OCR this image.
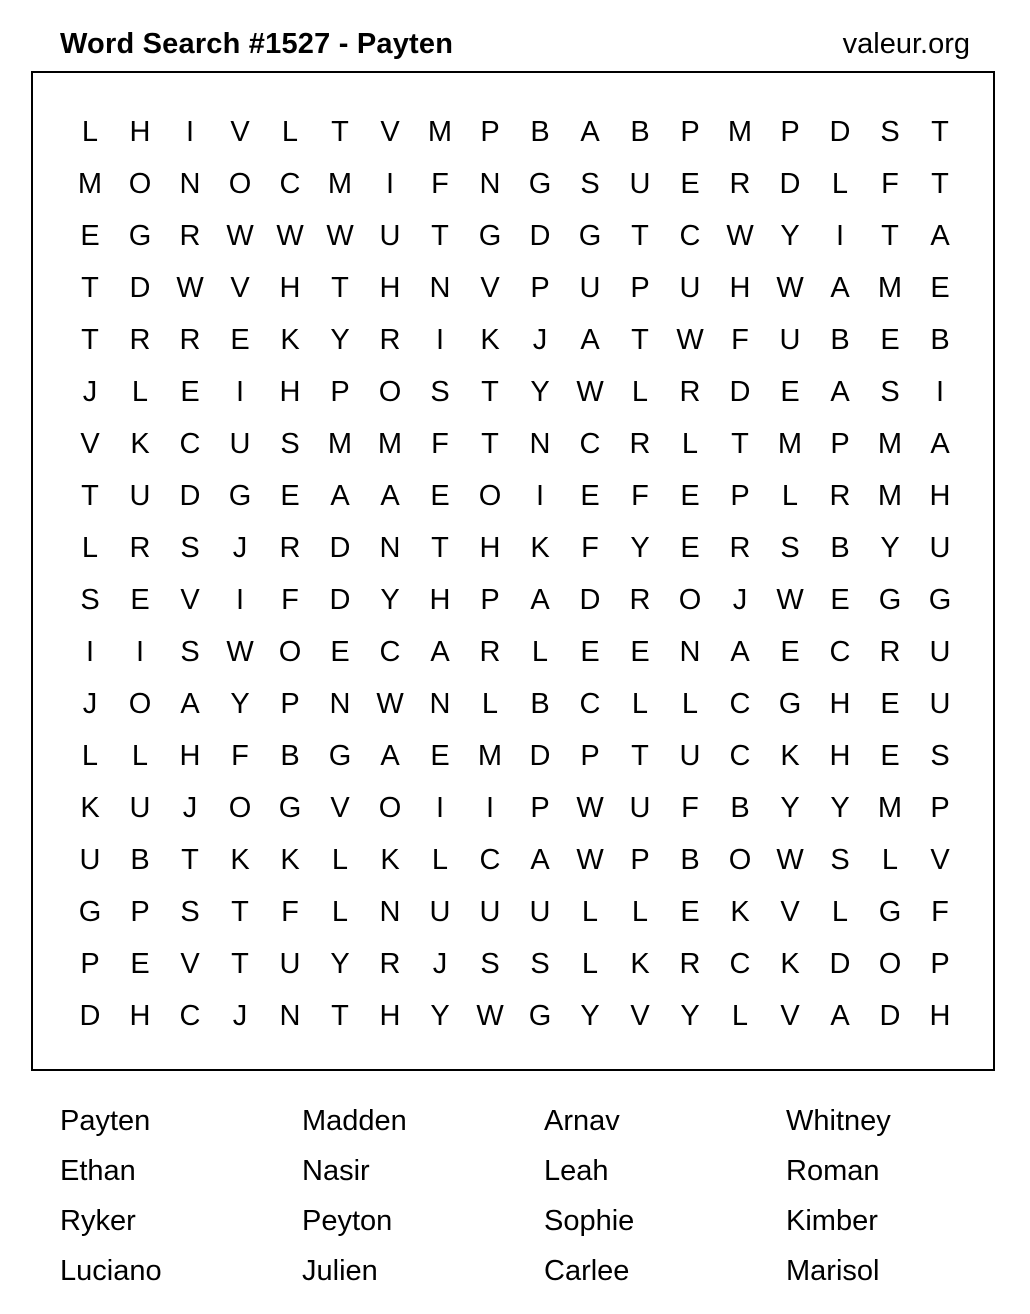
Word Search #1527 - Payten	valeur.org
L	H	I	V	L	T	V M P	B	A	B	P M P	D	S	T
M O N O C M	I	F	N G	S	U	E	R	D	L	F	T
E	G R W W W U	T	G D G	T	C W Y	I	T	A
T	D W V	H	T	H	N	V	P	U	P	U	H W A M E
T	R	R	E	K	Y	R	I	K	J	A	T W F	U	B	E	B
J	L	E	I	H	P	O	S	T	Y W L	R	D	E	A	S	I
V	K	C	U	S M M	F	T	N	C	R	L	T	M P M A
T	U	D G	E	A	A	E	O	I	E	F	E	P	L	R M H
L	R	S	J	R	D	N	T	H	K	F	Y	E	R	S	B	Y	U
S	E	V	I	F	D	Y	H	P	A	D	R O	J	W E	G G
I	I	S W O	E	C	A	R	L	E	E	N	A	E	C	R	U
J	O	A	Y	P	N W N	L	B	C	L	L	C G H	E	U
L	L	H	F	B	G	A	E M D	P	T	U	C	K	H	E	S
K	U	J	O G	V	O	I	I	P W U	F	B	Y	Y M P
U	B	T	K	K	L	K	L	C	A W P	B	O W S	L	V
G	P	S	T	F	L	N	U	U	U	L	L	E	K	V	L	G	F
P	E	V	T	U	Y	R	J	S	S	L	K	R	C	K	D O	P
D	H	C	J	N	T	H	Y W G	Y	V	Y	L	V	A	D	H
Payten	Madden	Arnav	Whitney
Ethan	Nasir	Leah	Roman
Ryker	Peyton	Sophie	Kimber
Luciano	Julien	Carlee	Marisol
